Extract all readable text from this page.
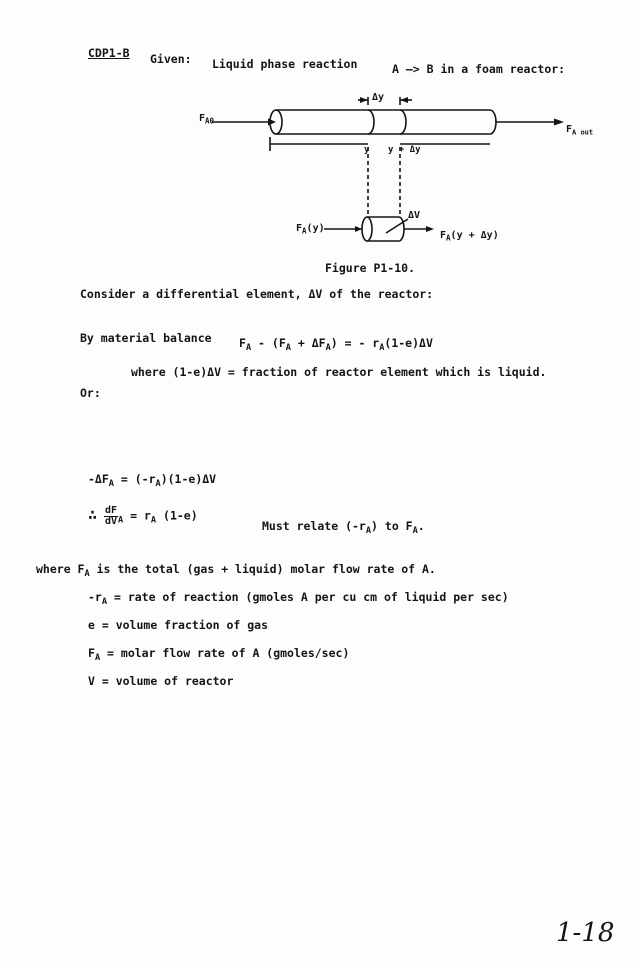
CDP1-B Given: Liquid phase reaction	A —> B in a foam reactor:
Δy
$F_{A0}$
$F_{A out}$
y y + Δy
ΔV
$F_A(y)$
$F_A(y + \Delta y)$
Figure P1-10.
Consider a differential element, ΔV of the reactor:
By material balance $F_A - (F_A + \Delta F_A)$ = - $r_A(1-e)\Delta V$
where (1-e)ΔV = fraction of reactor element which is liquid.
Or:
$-\Delta F_A = (-r_A)(1-e)\Delta V$
∴ $\frac{dF}{dV}_A = r_A$ (1-e)
Must relate $(-r_A)$ to $F_A$.
where $F_A$ is the total (gas + liquid) molar flow rate of A.
$-r_A$ = rate of reaction (gmoles A per cu cm of liquid per sec)
e = volume fraction of gas
$F_A$ = molar flow rate of A (gmoles/sec)
V = volume of reactor
1-18
